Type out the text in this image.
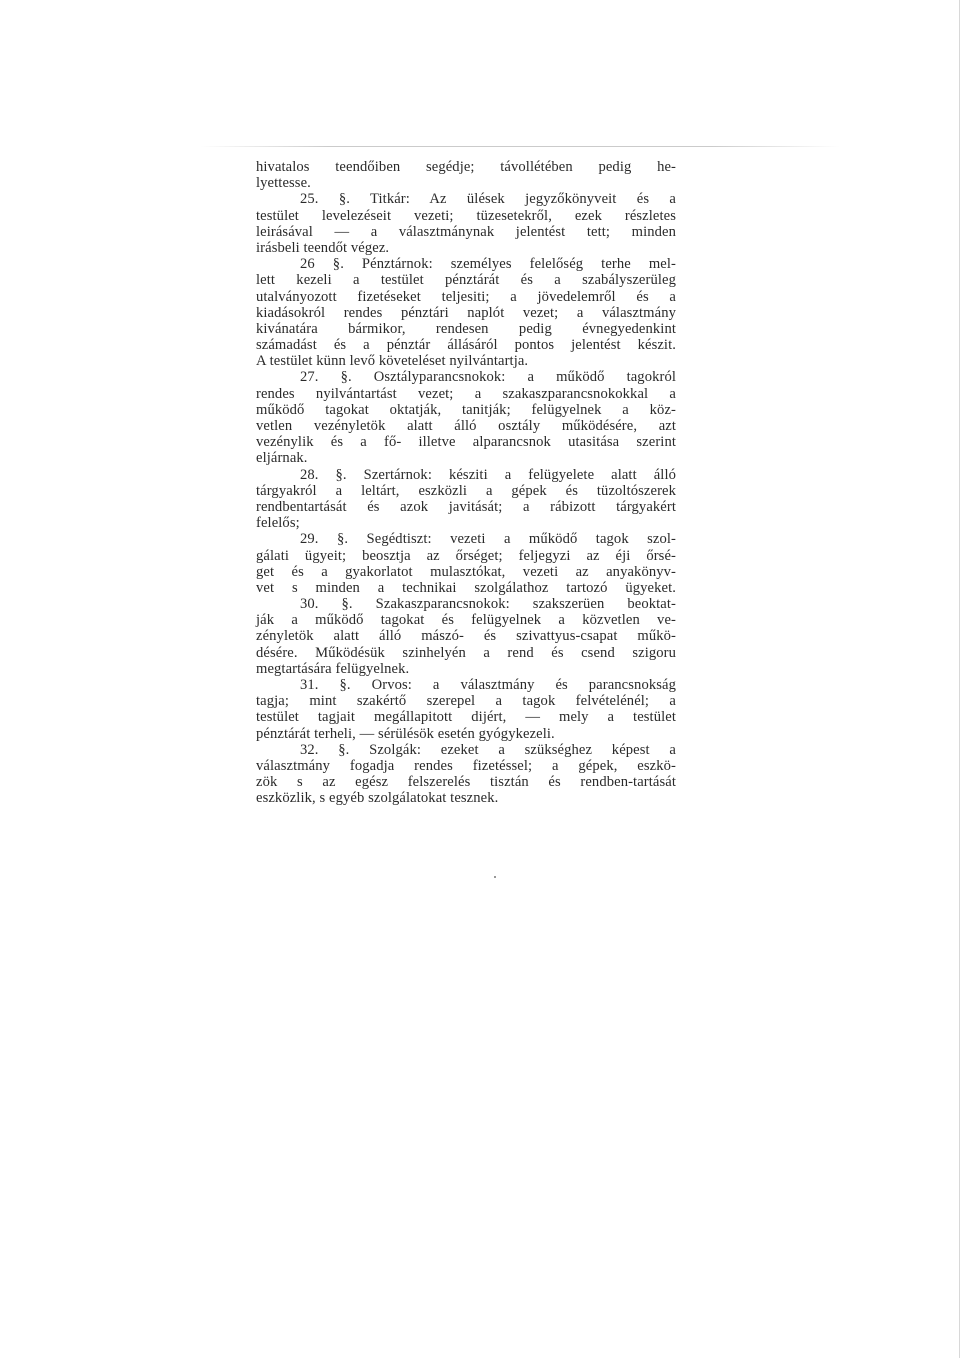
hivatalos teendőiben segédje; távollétében pedig he-
lyettesse.
25. §. Titkár: Az ülések jegyzőkönyveit és a
testület levelezéseit vezeti; tüzesetekről, ezek részletes
leirásával — a választmánynak jelentést tett; minden
irásbeli teendőt végez.
26 §. Pénztárnok: személyes felelőség terhe mel-
lett kezeli a testület pénztárát és a szabályszerüleg
utalványozott fizetéseket teljesiti; a jövedelemről és a
kiadásokról rendes pénztári naplót vezet; a választmány
kivánatára bármikor, rendesen pedig évnegyedenkint
számadást és a pénztár állásáról pontos jelentést készit.
A testület künn levő követeléset nyilvántartja.
27. §. Osztályparancsnokok: a működő tagokról
rendes nyilvántartást vezet; a szakaszparancsnokokkal a
működő tagokat oktatják, tanitják; felügyelnek a köz-
vetlen vezényletök alatt álló osztály működésére, azt
vezénylik és a fő- illetve alparancsnok utasitása szerint
eljárnak.
28. §. Szertárnok: késziti a felügyelete alatt álló
tárgyakról a leltárt, eszközli a gépek és tüzoltószerek
rendbentartását és azok javitását; a rábizott tárgyakért
felelős;
29. §. Segédtiszt: vezeti a működő tagok szol-
gálati ügyeit; beosztja az őrséget; feljegyzi az éji őrsé-
get és a gyakorlatot mulasztókat, vezeti az anyakönyv-
vet s minden a technikai szolgálathoz tartozó ügyeket.
30. §. Szakaszparancsnokok: szakszerüen beoktat-
ják a működő tagokat és felügyelnek a közvetlen ve-
zényletök alatt álló mászó- és szivattyus-csapat műkö-
désére. Működésük szinhelyén a rend és csend szigoru
megtartására felügyelnek.
31. §. Orvos: a választmány és parancsnokság
tagja; mint szakértő szerepel a tagok felvételénél; a
testület tagjait megállapitott dijért, — mely a testület
pénztárát terheli, — sérülésök esetén gyógykezeli.
32. §. Szolgák: ezeket a szükséghez képest a
választmány fogadja rendes fizetéssel; a gépek, eszkö-
zök s az egész felszerelés tisztán és rendben-tartását
eszközlik, s egyéb szolgálatokat tesznek.
